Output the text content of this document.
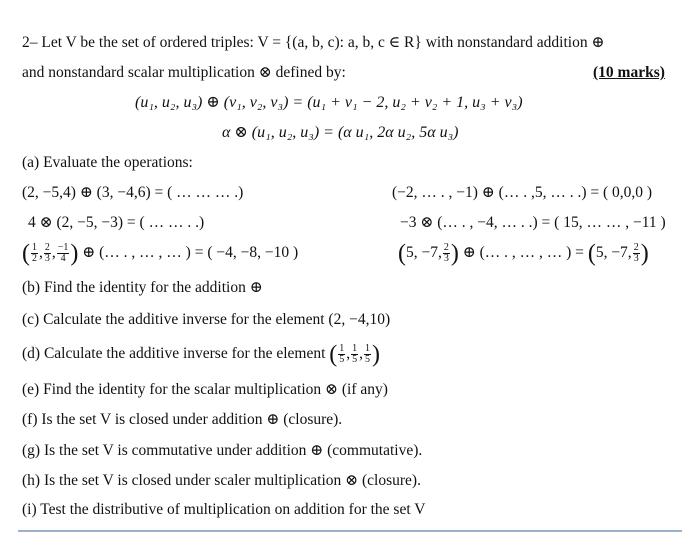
2– Let V be the set of ordered triples: V = {(a, b, c): a, b, c ∈ R} with nonstandard addition ⊕
and nonstandard scalar multiplication ⊗ defined by:	(10 marks)
(u₁, u₂, u₃) ⊕ (v₁, v₂, v₃) = (u₁ + v₁ − 2, u₂ + v₂ + 1, u₃ + v₃)
α ⊗ (u₁, u₂, u₃) = (α u₁, 2α u₂, 5α u₃)
(a) Evaluate the operations:
(2, −5,4) ⊕ (3, −4,6) = ( … … … .)	(−2, … . , −1) ⊕ (… . ,5, … . .) = ( 0,0,0 )
4 ⊗ (2, −5, −3) = ( … … . .)	−3 ⊗ (… . , −4, … . .) = ( 15, … … , −11 )
( $\frac{1}{2}$ , $\frac{2}{3}$ , $\frac{-1}{4}$ ) ⊕ (… . , … , … ) = ( −4, −8, −10 )	(5, −7, $\frac{2}{3}$ ) ⊕ (… . , … , … ) = (5, −7, $\frac{2}{3}$ )
(b) Find the identity for the addition ⊕
(c) Calculate the additive inverse for the element (2, −4,10)
(d) Calculate the additive inverse for the element ( $\frac{1}{5}$ , $\frac{1}{5}$ , $\frac{1}{5}$ )
(e) Find the identity for the scalar multiplication ⊗ (if any)
(f) Is the set V is closed under addition ⊕ (closure).
(g) Is the set V is commutative under addition ⊕ (commutative).
(h) Is the set V is closed under scaler multiplication ⊗ (closure).
(i) Test the distributive of multiplication on addition for the set V
